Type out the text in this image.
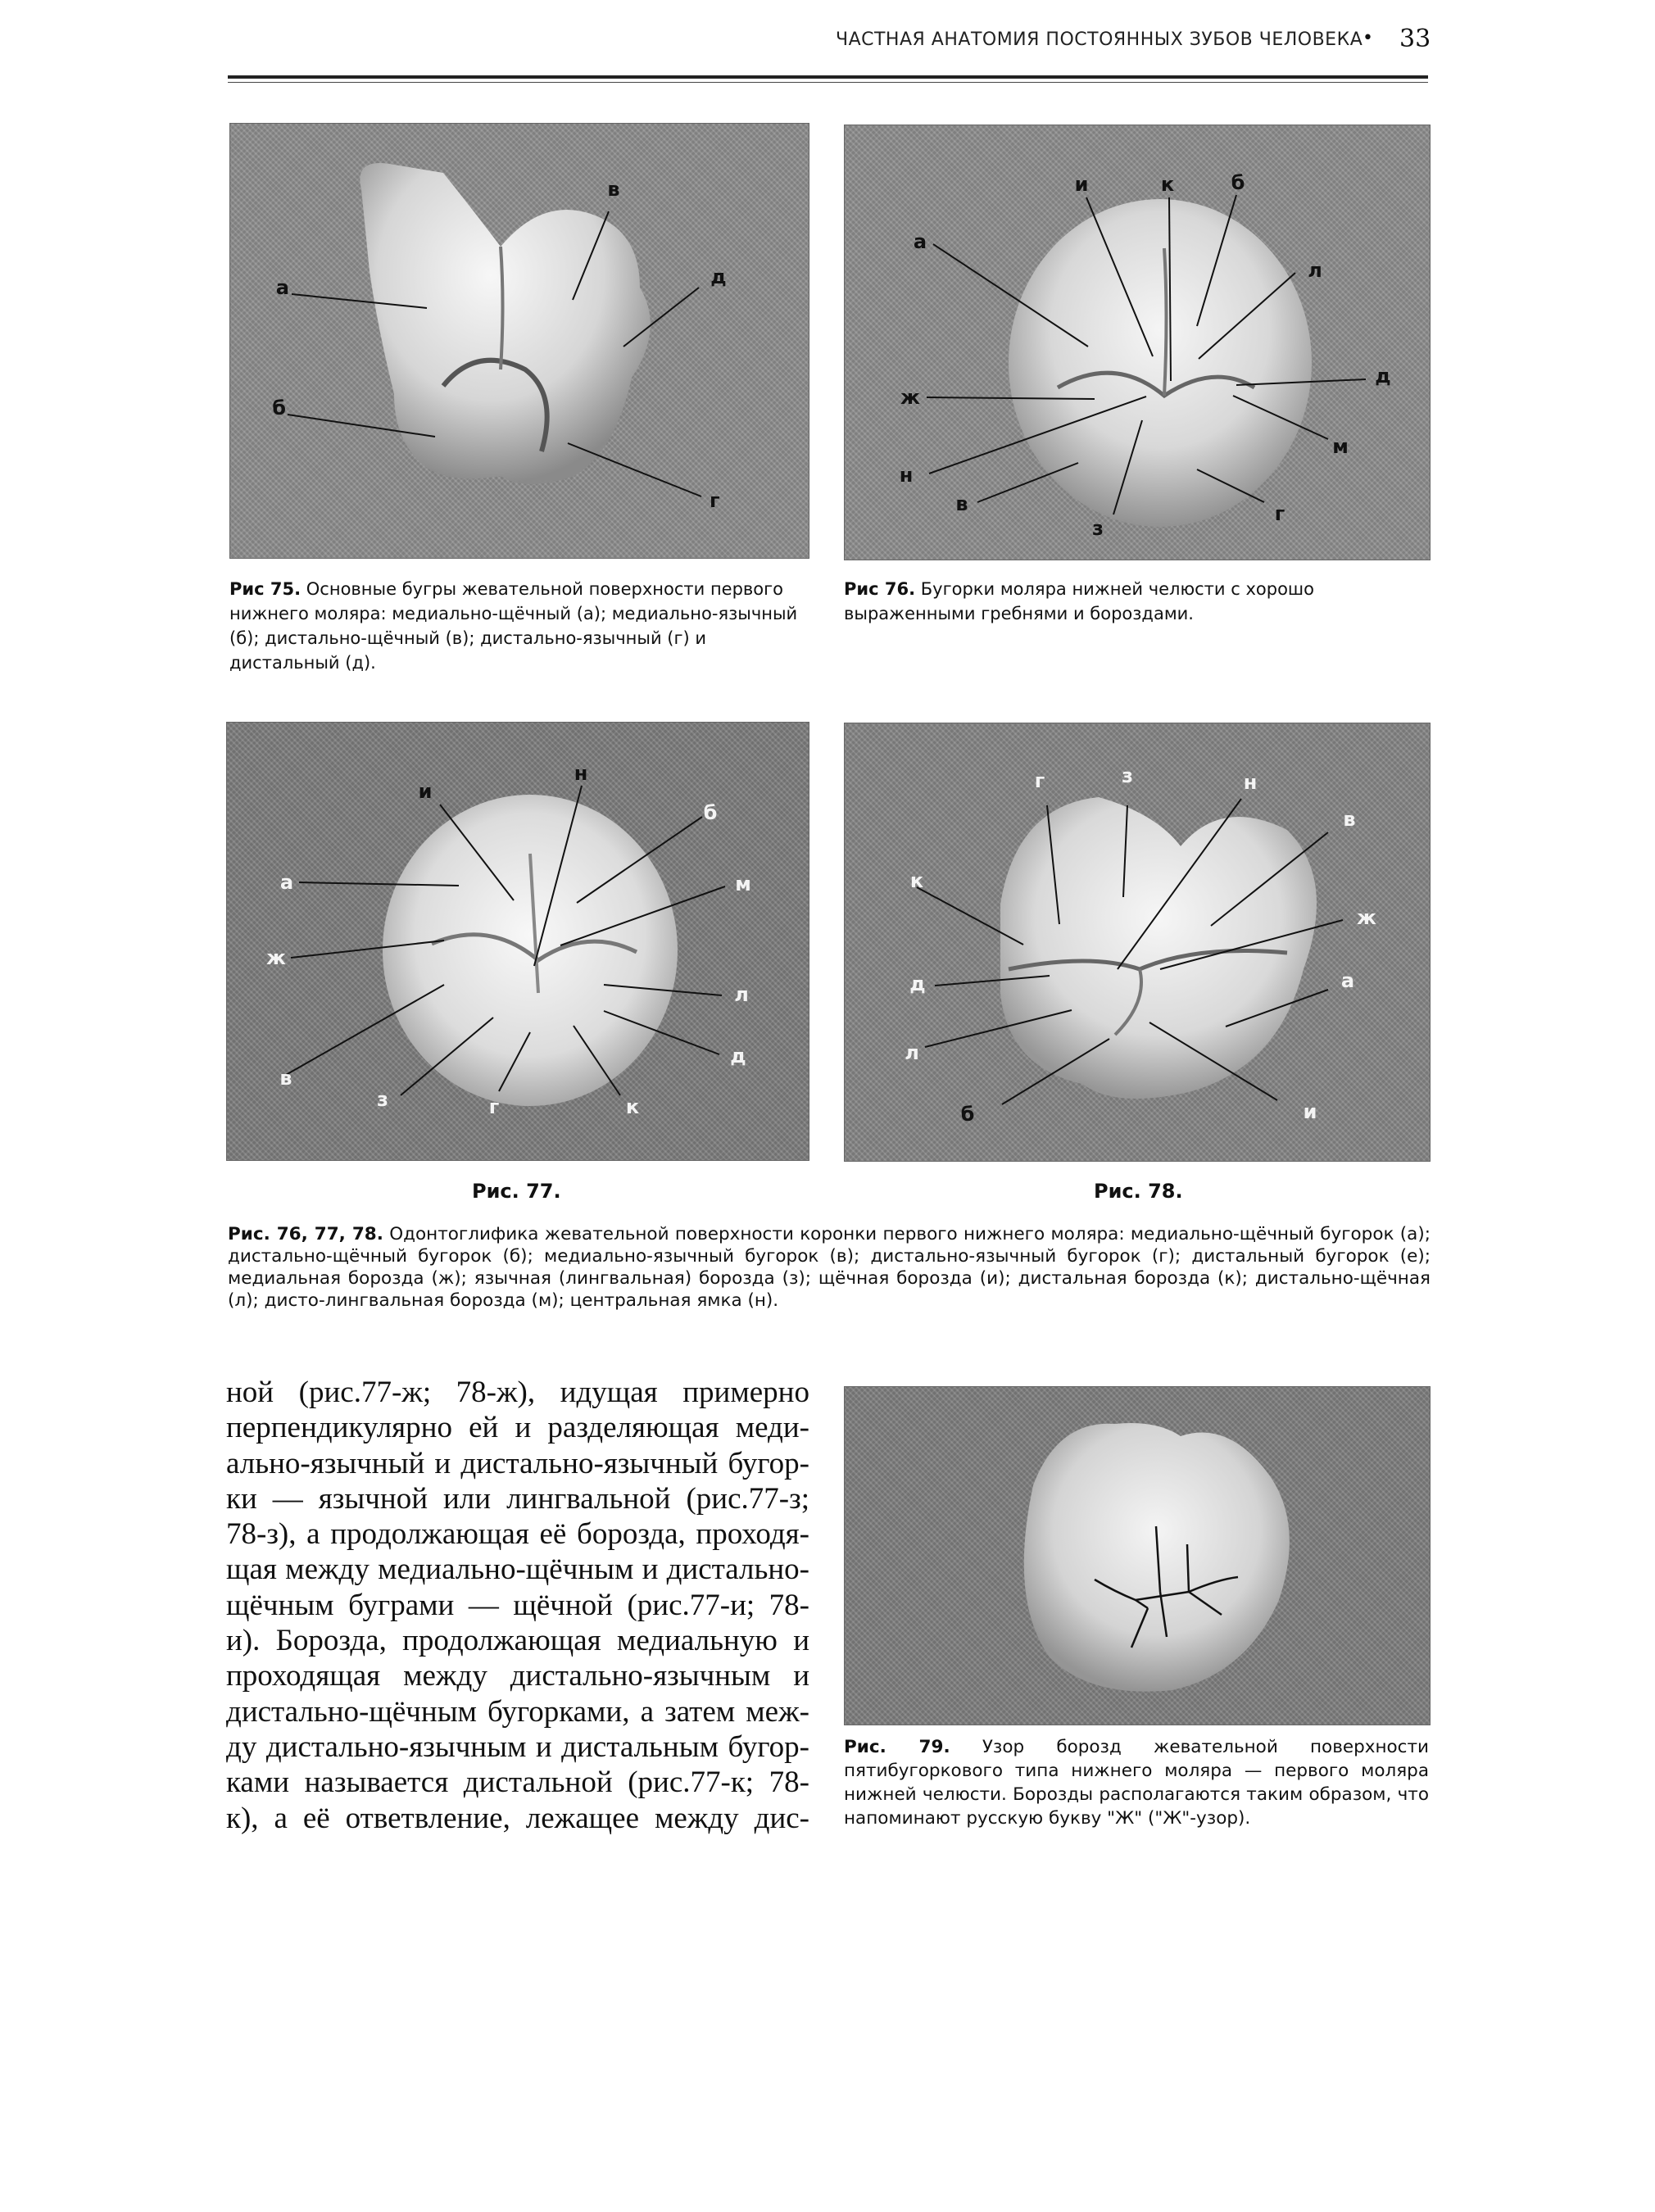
ЧАСТНАЯ АНАТОМИЯ ПОСТОЯННЫХ ЗУБОВ ЧЕЛОВЕКА • 33
а
б
в
г
д
Рис 75. Основные бугры жевательной поверхности первого нижнего моляра: медиально-щёчный (а); медиально-язычный (б); дистально-щёчный (в); дистально-язычный (г) и дистальный (д).
а
и	к	б
л
д
ж
м
н
в
з
г
Рис 76. Бугорки моляра нижней челюсти с хорошо выраженными гребнями и бороздами.
н
и
б
а	м
ж
л
д
в
з	г	к
Рис. 77.
г	з	н
в
к
ж
д	а
л
б	и
Рис. 78.
Рис. 76, 77, 78. Одонтоглифика жевательной поверхности коронки первого нижнего моляра: медиально-щёчный бугорок (а); дистально-щёчный бугорок (б); медиально-язычный бугорок (в); дистально-язычный бугорок (г); дистальный бугорок (е); медиальная борозда (ж); язычная (лингвальная) борозда (з); щёчная борозда (и); дистальная борозда (к); дистально-щёчная (л); дисто-лингвальная борозда (м); центральная ямка (н).
ной (рис.77-ж; 78-ж), идущая примерно
перпендикулярно ей и разделяющая меди-
ально-язычный и дистально-язычный бугор-
ки — язычной или лингвальной (рис.77-з;
78-з), а продолжающая её борозда, проходя-
щая между медиально-щёчным и дистально-
щёчным буграми — щёчной (рис.77-и; 78-
и). Борозда, продолжающая медиальную и
проходящая между дистально-язычным и
дистально-щёчным бугорками, а затем меж-
ду дистально-язычным и дистальным бугор-
ками называется дистальной (рис.77-к; 78-
к), а её ответвление, лежащее между дис-
Рис. 79. Узор борозд жевательной поверхности пятибугоркового типа нижнего моляра — первого моляра нижней челюсти. Борозды располагаются таким образом, что напоминают русскую букву "Ж" ("Ж"-узор).
